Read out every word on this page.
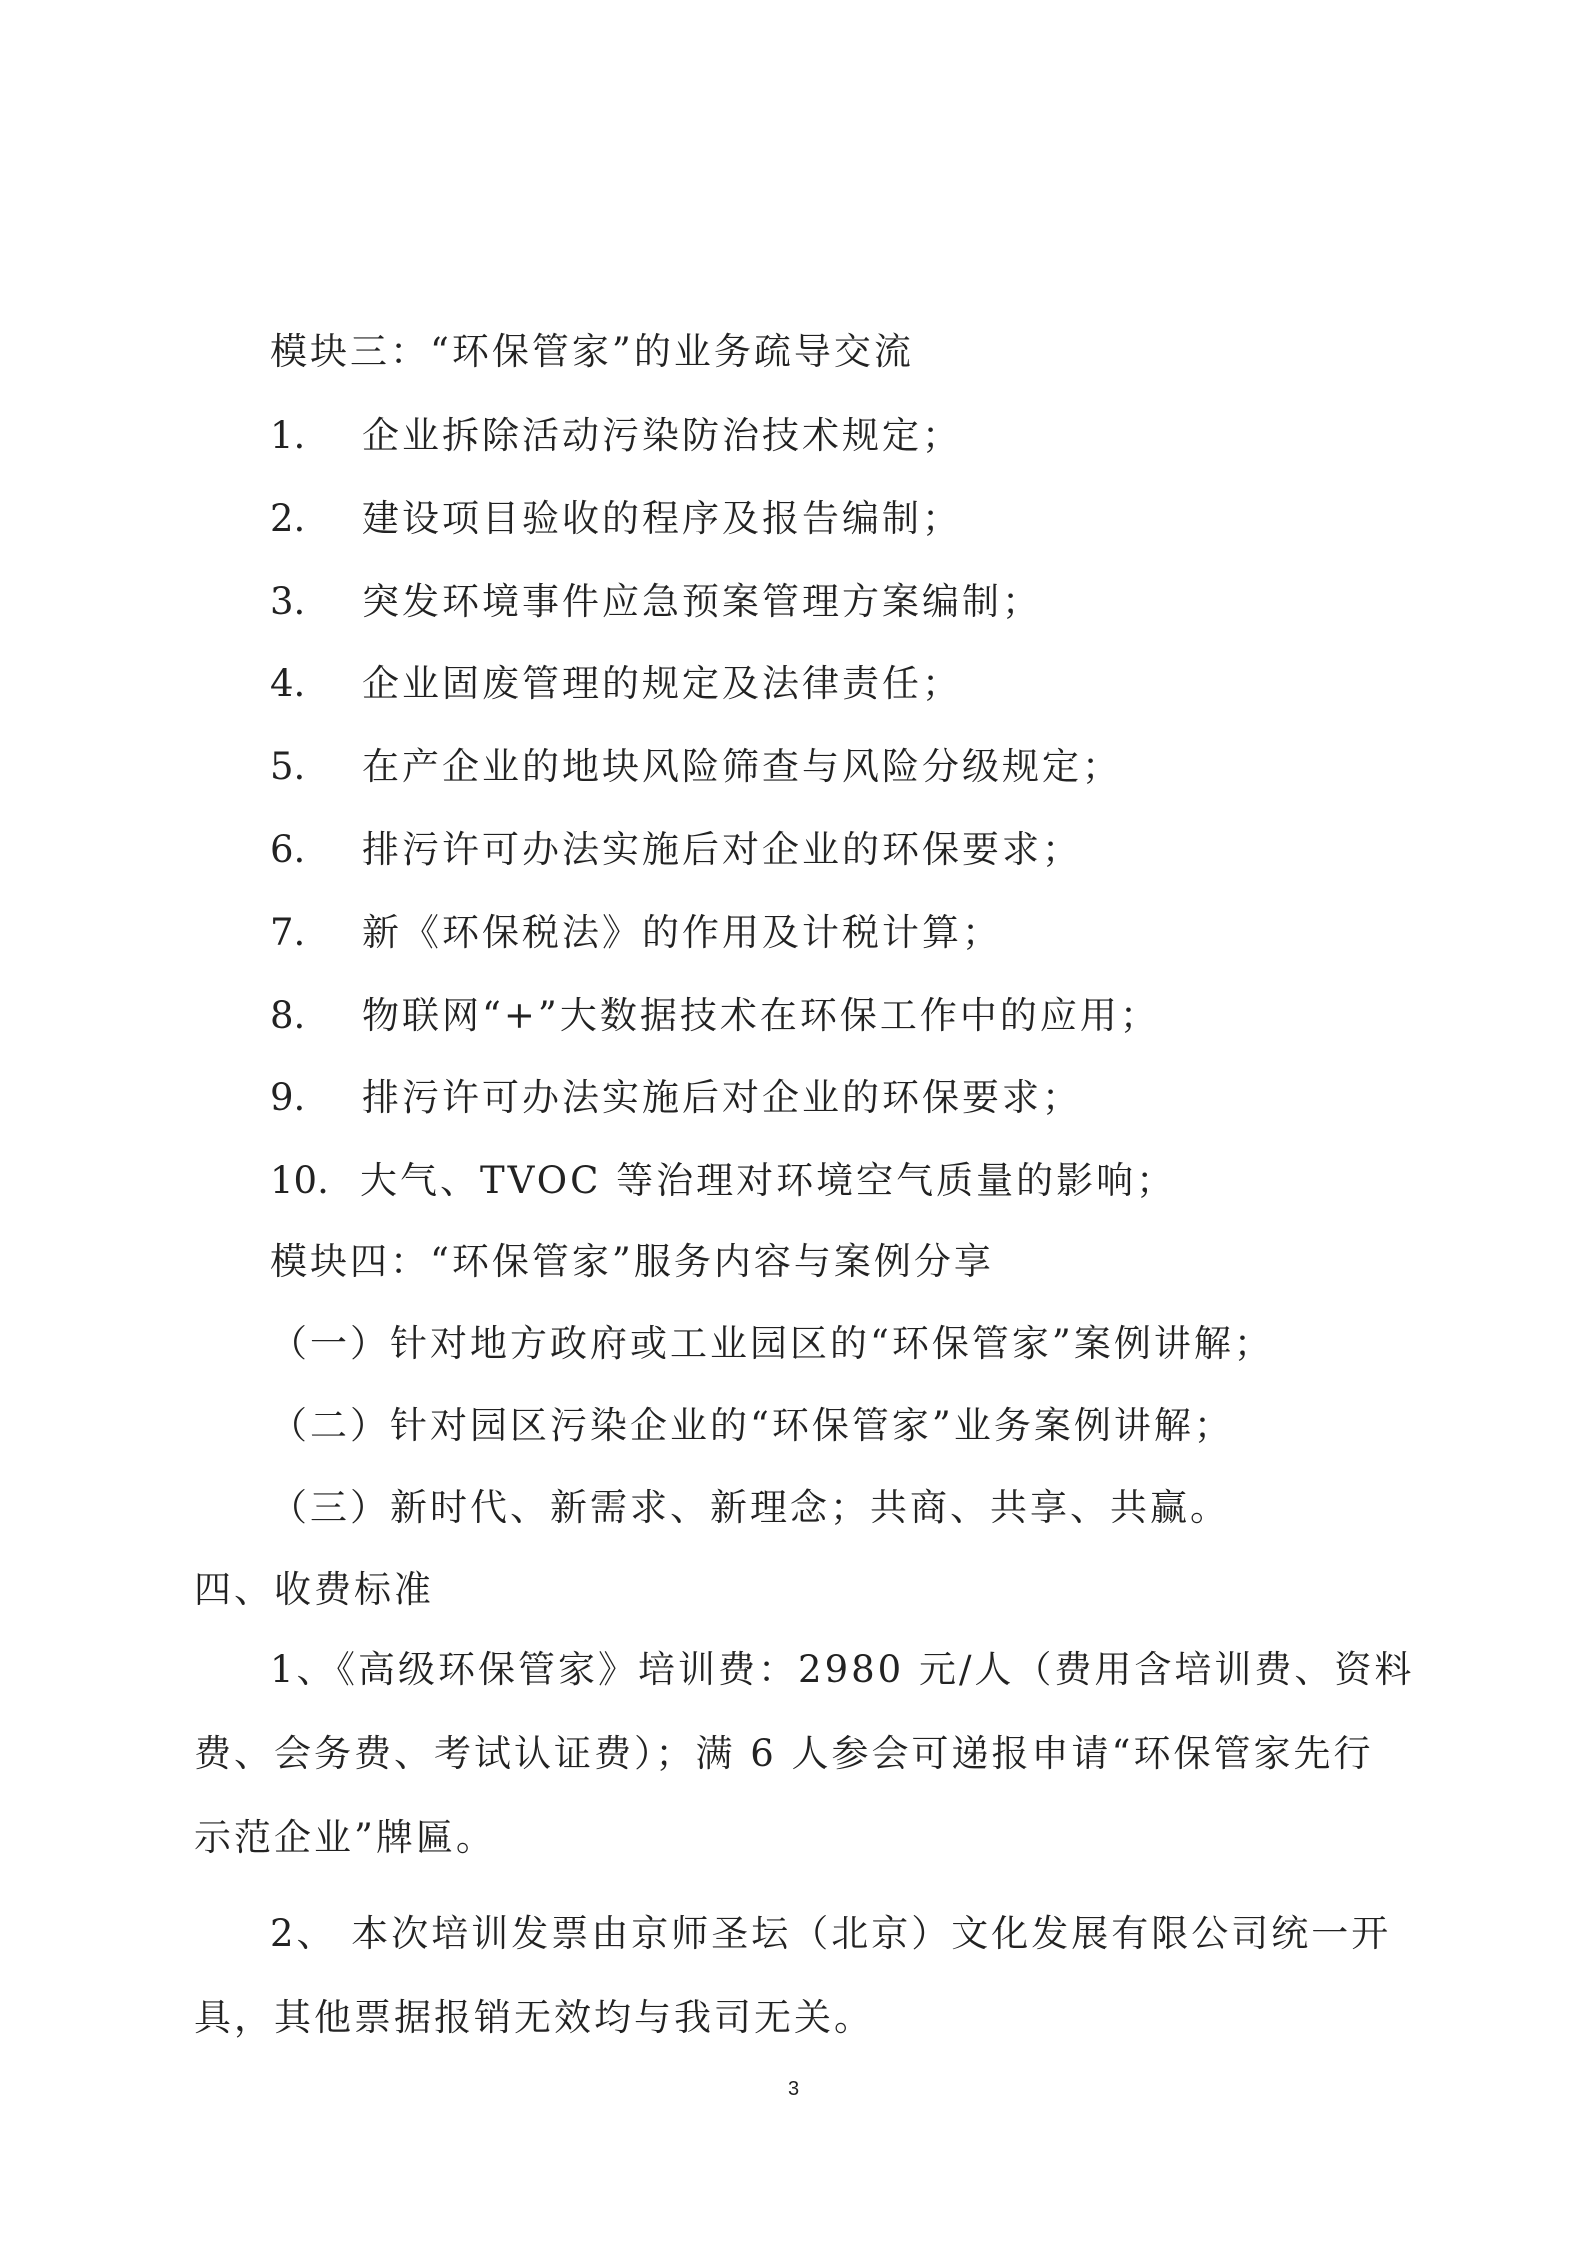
模块三：“环保管家”的业务疏导交流
1. 企业拆除活动污染防治技术规定；
2. 建设项目验收的程序及报告编制；
3. 突发环境事件应急预案管理方案编制；
4. 企业固废管理的规定及法律责任；
5. 在产企业的地块风险筛查与风险分级规定；
6. 排污许可办法实施后对企业的环保要求；
7. 新《环保税法》的作用及计税计算；
8. 物联网“+”大数据技术在环保工作中的应用；
9. 排污许可办法实施后对企业的环保要求；
10. 大气、TVOC 等治理对环境空气质量的影响；
模块四：“环保管家”服务内容与案例分享
（一）针对地方政府或工业园区的“环保管家”案例讲解；
（二）针对园区污染企业的“环保管家”业务案例讲解；
（三）新时代、新需求、新理念；共商、共享、共赢。
四、收费标准
1、《高级环保管家》培训费：2980 元/人（费用含培训费、资料
费、会务费、考试认证费）；满 6 人参会可递报申请“环保管家先行
示范企业”牌匾。
2、 本次培训发票由京师圣坛（北京）文化发展有限公司统一开
3
具，其他票据报销无效均与我司无关。
